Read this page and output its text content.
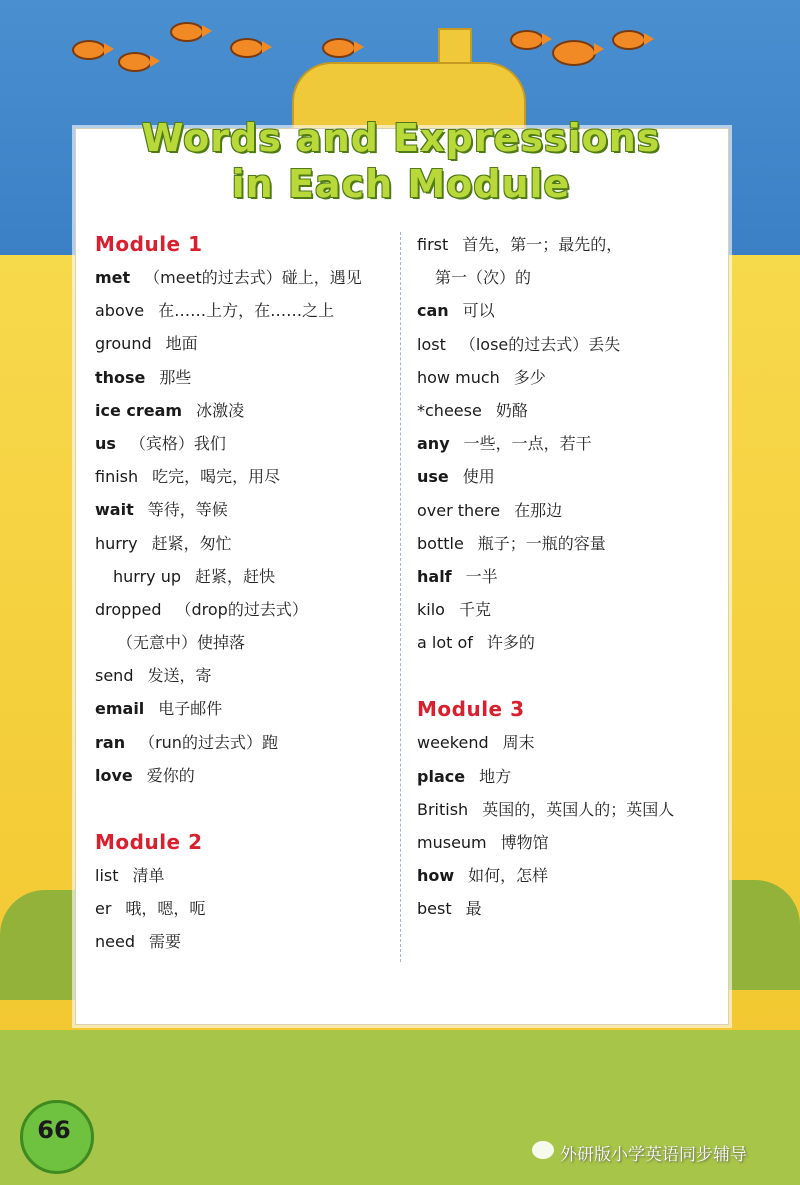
Words and Expressions
in Each Module
Module 1
met （meet的过去式）碰上，遇见
above 在……上方，在……之上
ground 地面
those 那些
ice cream 冰激凌
us （宾格）我们
finish 吃完，喝完，用尽
wait 等待，等候
hurry 赶紧，匆忙
hurry up 赶紧，赶快
dropped （drop的过去式）
（无意中）使掉落
send 发送，寄
email 电子邮件
ran （run的过去式）跑
love 爱你的
Module 2
list 清单
er 哦，嗯，呃
need 需要
first 首先，第一；最先的，
第一（次）的
can 可以
lost （lose的过去式）丢失
how much 多少
*cheese 奶酪
any 一些，一点，若干
use 使用
over there 在那边
bottle 瓶子；一瓶的容量
half 一半
kilo 千克
a lot of 许多的
Module 3
weekend 周末
place 地方
British 英国的，英国人的；英国人
museum 博物馆
how 如何，怎样
best 最
66
外研版小学英语同步辅导
